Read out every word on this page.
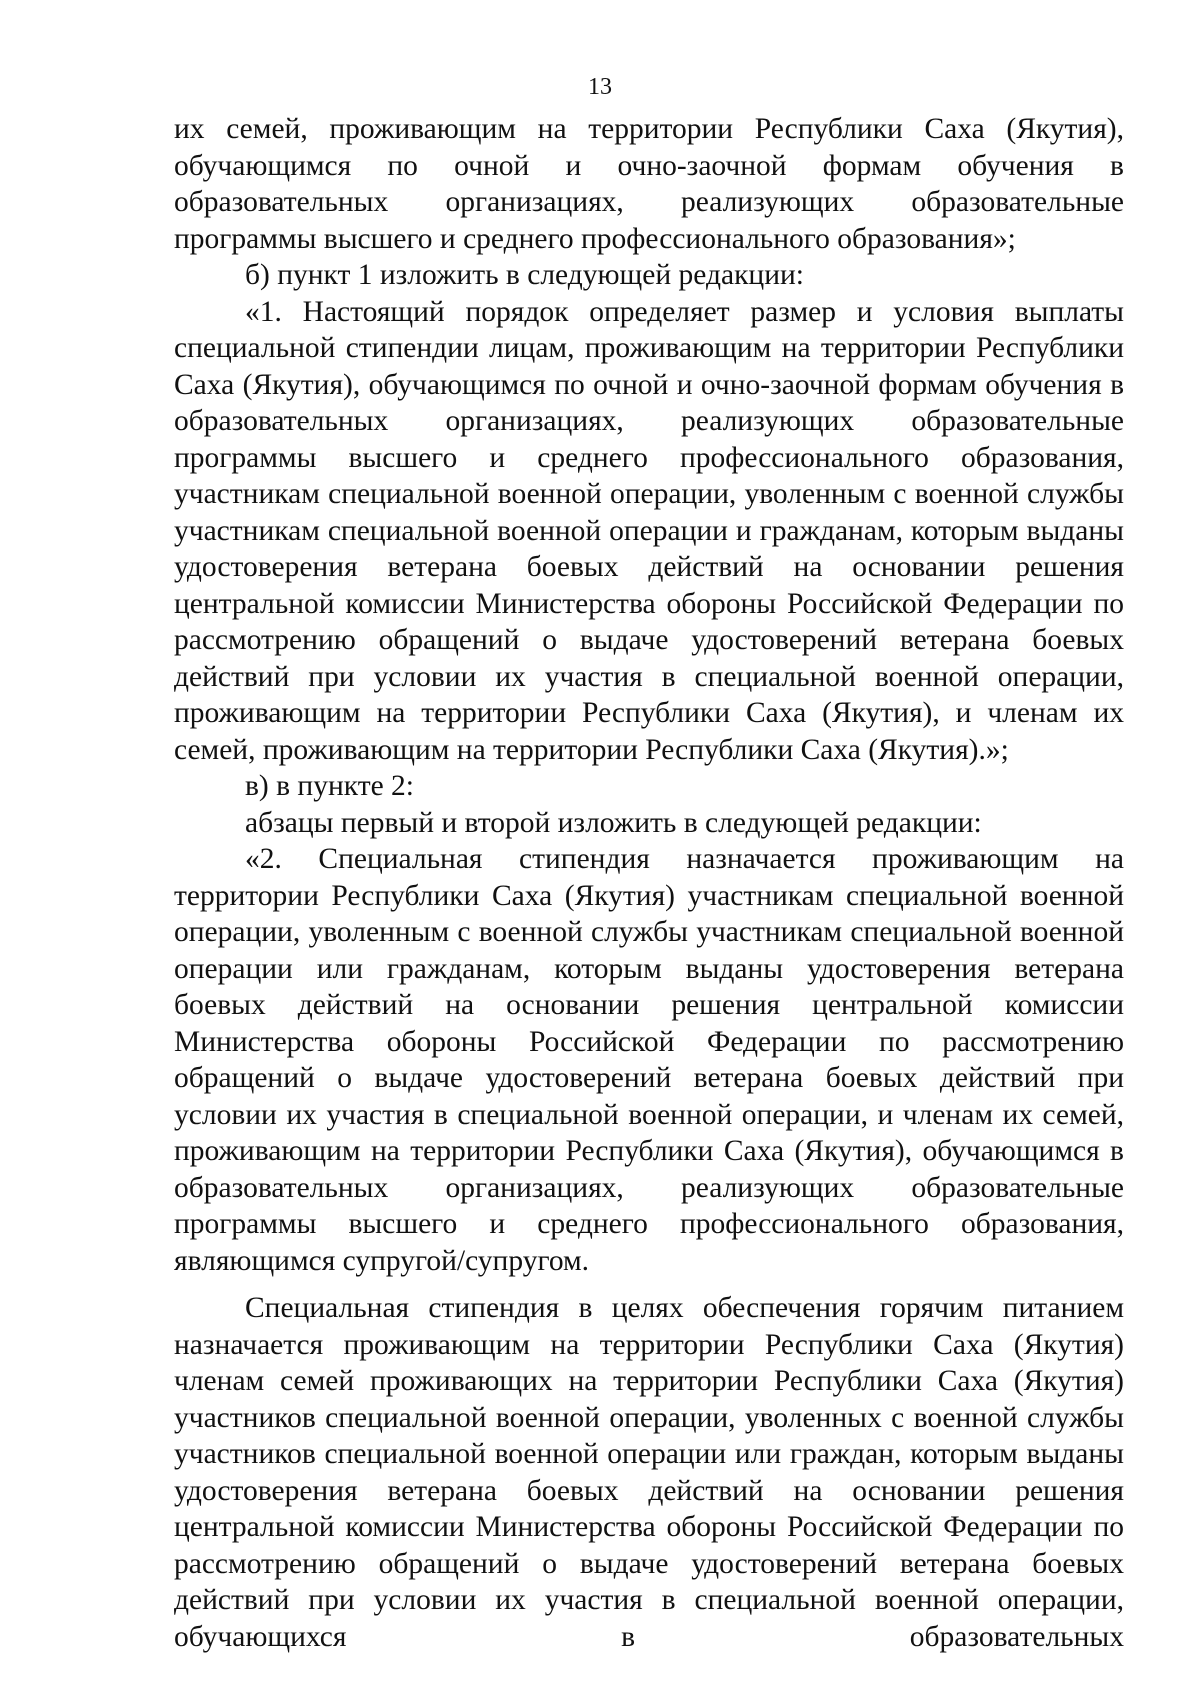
13

их семей, проживающим на территории Республики Саха (Якутия), обучающимся по очной и очно-заочной формам обучения в образовательных организациях, реализующих образовательные программы высшего и среднего профессионального образования»;

б) пункт 1 изложить в следующей редакции:

«1. Настоящий порядок определяет размер и условия выплаты специальной стипендии лицам, проживающим на территории Республики Саха (Якутия), обучающимся по очной и очно-заочной формам обучения в образовательных организациях, реализующих образовательные программы высшего и среднего профессионального образования, участникам специальной военной операции, уволенным с военной службы участникам специальной военной операции и гражданам, которым выданы удостоверения ветерана боевых действий на основании решения центральной комиссии Министерства обороны Российской Федерации по рассмотрению обращений о выдаче удостоверений ветерана боевых действий при условии их участия в специальной военной операции, проживающим на территории Республики Саха (Якутия), и членам их семей, проживающим на территории Республики Саха (Якутия).»;

в) в пункте 2:

абзацы первый и второй изложить в следующей редакции:

«2. Специальная стипендия назначается проживающим на территории Республики Саха (Якутия) участникам специальной военной операции, уволенным с военной службы участникам специальной военной операции или гражданам, которым выданы удостоверения ветерана боевых действий на основании решения центральной комиссии Министерства обороны Российской Федерации по рассмотрению обращений о выдаче удостоверений ветерана боевых действий при условии их участия в специальной военной операции, и членам их семей, проживающим на территории Республики Саха (Якутия), обучающимся в образовательных организациях, реализующих образовательные программы высшего и среднего профессионального образования, являющимся супругой/супругом.

Специальная стипендия в целях обеспечения горячим питанием назначается проживающим на территории Республики Саха (Якутия) членам семей проживающих на территории Республики Саха (Якутия) участников специальной военной операции, уволенных с военной службы участников специальной военной операции или граждан, которым выданы удостоверения ветерана боевых действий на основании решения центральной комиссии Министерства обороны Российской Федерации по рассмотрению обращений о выдаче удостоверений ветерана боевых действий при условии их участия в специальной военной операции, обучающихся в образовательных
